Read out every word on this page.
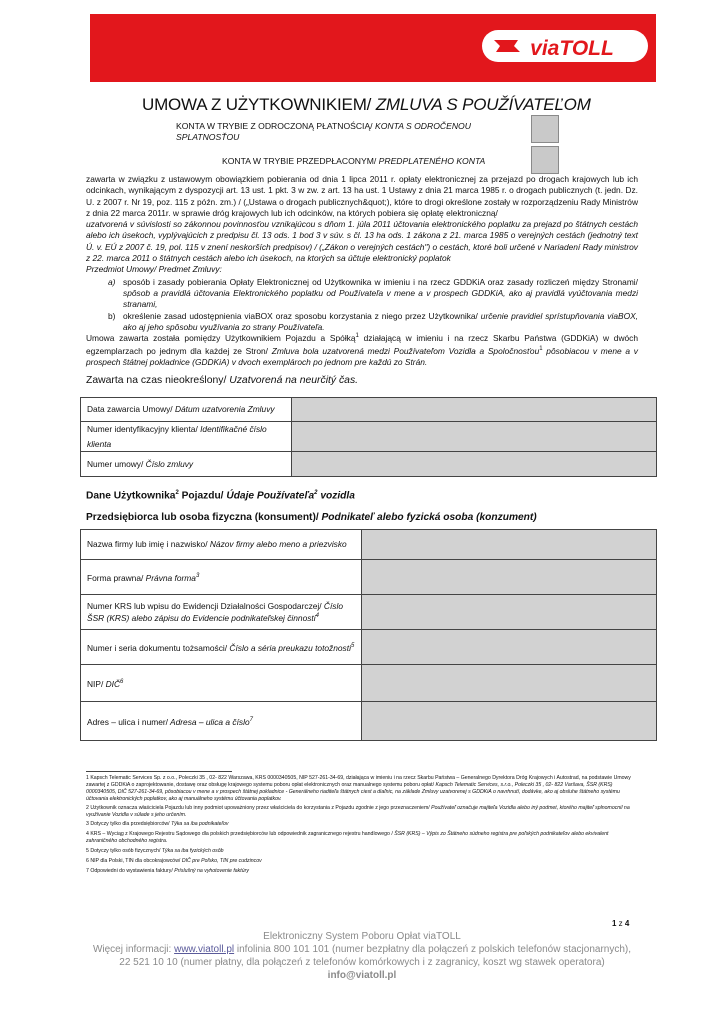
viaTOLL
UMOWA Z UŻYTKOWNIKIEM/ ZMLUVA S POUŽÍVATEĽOM
KONTA W TRYBIE Z ODROCZONĄ PŁATNOŚCIĄ/ KONTA S ODROČENOU SPLATNOSŤOU
KONTA W TRYBIE PRZEDPŁACONYM/ PREDPLATENÉHO KONTA
zawarta w związku z ustawowym obowiązkiem pobierania od dnia 1 lipca 2011 r. opłaty elektronicznej za przejazd po drogach krajowych lub ich odcinkach, wynikającym z dyspozycji art. 13 ust. 1 pkt. 3 w zw. z art. 13 ha ust. 1 Ustawy z dnia 21 marca 1985 r. o drogach publicznych (t. jedn. Dz. U. z 2007 r. Nr 19, poz. 115 z późn. zm.) / („Ustawa o drogach publicznych&quot;), które to drogi określone zostały w rozporządzeniu Rady Ministrów z dnia 22 marca 2011r. w sprawie dróg krajowych lub ich odcinków, na których pobiera się opłatę elektroniczną/
uzatvorená v súvislosti so zákonnou povinnosťou vznikajúcou s dňom 1. júla 2011 účtovania elektronického poplatku za prejazd po štátnych cestách alebo ich úsekoch, vyplývajúcich z predpisu čl. 13 ods. 1 bod 3 v súv. s čl. 13 ha ods. 1 zákona z 21. marca 1985 o verejných cestách (jednotný text Ú. v. EÚ z 2007 č. 19, pol. 115 v znení neskorších predpisov) / („Zákon o verejných cestách") o cestách, ktoré boli určené v Nariadení Rady ministrov z 22. marca 2011 o štátnych cestách alebo ich úsekoch, na ktorých sa účtuje elektronický poplatok
Przedmiot Umowy/ Predmet Zmluvy:
a) sposób i zasady pobierania Opłaty Elektronicznej od Użytkownika w imieniu i na rzecz GDDKiA oraz zasady rozliczeń między Stronami/ spôsob a pravidlá účtovania Elektronického poplatku od Používateľa v mene a v prospech GDDKiA, ako aj pravidlá vyúčtovania medzi stranami,
b) określenie zasad udostępnienia viaBOX oraz sposobu korzystania z niego przez Użytkownika/ určenie pravidiel sprístupňovania viaBOX, ako aj jeho spôsobu využívania zo strany Používateľa.
Umowa zawarta została pomiędzy Użytkownikiem Pojazdu a Spółką$^1$ działającą w imieniu i na rzecz Skarbu Państwa (GDDKiA) w dwóch egzemplarzach po jednym dla każdej ze Stron/ Zmluva bola uzatvorená medzi Používateľom Vozidla a Spoločnosťou$^1$ pôsobiacou v mene a v prospech štátnej pokladnice (GDDKiA) v dvoch exemplároch po jednom pre každú zo Strán.
Zawarta na czas nieokreślony/ Uzatvorená na neurčitý čas.
Data zawarcia Umowy/ Dátum uzatvorenia Zmluvy
Numer identyfikacyjny klienta/ Identifikačné číslo klienta
Numer umowy/ Číslo zmluvy
Dane Użytkownika$^2$ Pojazdu/ Údaje Používateľa$^2$ vozidla
Przedsiębiorca lub osoba fizyczna (konsument)/ Podnikateľ alebo fyzická osoba (konzument)
Nazwa firmy lub imię i nazwisko/ Názov firmy alebo meno a priezvisko
Forma prawna/ Právna forma$^3$
Numer KRS lub wpisu do Ewidencji Działalności Gospodarczej/ Číslo ŠSR (KRS) alebo zápisu do Evidencie podnikateľskej činnosti$^4$
Numer i seria dokumentu tożsamości/ Číslo a séria preukazu totožnosti$^5$
NIP/ DIČ$^6$
Adres – ulica i numer/ Adresa – ulica a číslo$^7$
1 Kapsch Telematic Services Sp. z o.o., Poleczki 35 , 02- 822 Warszawa, KRS 0000340505, NIP 527-261-34-69, działająca w imieniu i na rzecz Skarbu Państwa – Generalnego Dyrektora Dróg Krajowych i Autostrad, na podstawie Umowy zawartej z GDDKiA o zaprojektowanie, dostawę oraz obsługę krajowego systemu poboru opłat elektronicznych oraz manualnego systemu poboru opłat/ Kapsch Telematic Services, s.r.o., Poleczki 35 , 02- 822 Varšava, ŠSR (KRS) 0000340505, DIČ 527-261-34-69, pôsobiacou v mene a v prospech štátnej pokladnice - Generálneho riaditeľa štátnych ciest a diaľnic, na základe Zmluvy uzatvorenej s GDDKiA o navrhnutí, dodávke, ako aj obsluhe štátneho systému účtovania elektronických poplatkov, ako aj manuálneho systému účtovania poplatkov.
2 Użytkownik oznacza właściciela Pojazdu lub inny podmiot upoważniony przez właściciela do korzystania z Pojazdu zgodnie z jego przeznaczeniem/ Používateľ označuje majiteľa Vozidla alebo iný podmet, ktorého majiteľ splnomocnil na využívanie Vozidla v súlade s jeho určením.
3 Dotyczy tylko dla przedsiębiorców/ Týka sa iba podnikateľov
4 KRS – Wyciąg z Krajowego Rejestru Sądowego dla polskich przedsiębiorców lub odpowiednik zagranicznego rejestru handlowego / ŠSR (KRS) – Výpis zo Štátneho súdneho registra pre poľských podnikateľov alebo ekvivalent zahraničného obchodného registra.
5 Dotyczy tylko osób fizycznych/ Týka sa iba fyzických osôb
6 NIP dla Polski, TIN dla obcokrajowców/ DIČ pre Poľsko, TIN pre cudzincov
7 Odpowiedni do wystawienia faktury/ Príslušný na vyhotovenie faktúry
1 z 4
Elektroniczny System Poboru Opłat viaTOLL
Więcej informacji: www.viatoll.pl infolinia 800 101 101 (numer bezpłatny dla połączeń z polskich telefonów stacjonarnych),
22 521 10 10 (numer płatny, dla połączeń z telefonów komórkowych i z zagranicy, koszt wg stawek operatora)
info@viatoll.pl
